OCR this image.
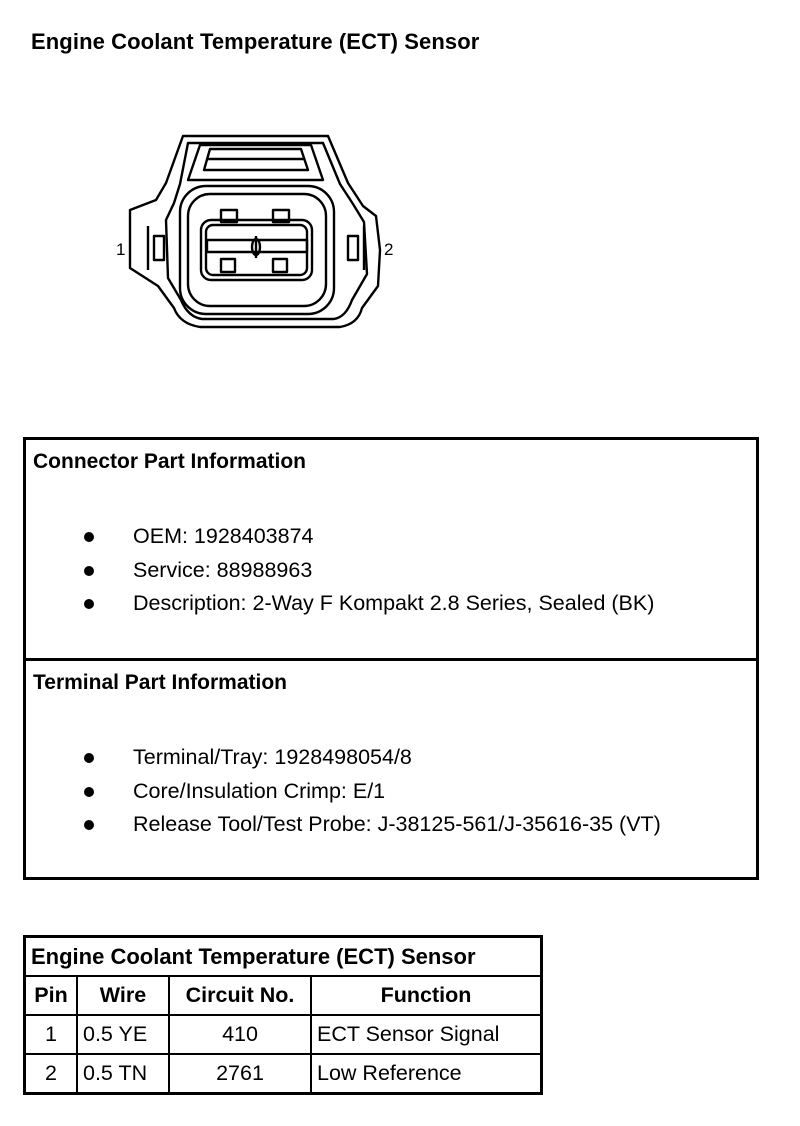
Engine Coolant Temperature (ECT) Sensor
1	2
Connector Part Information
OEM: 1928403874
Service: 88988963
Description: 2-Way F Kompakt 2.8 Series, Sealed (BK)
Terminal Part Information
Terminal/Tray: 1928498054/8
Core/Insulation Crimp: E/1
Release Tool/Test Probe: J-38125-561/J-35616-35 (VT)
Engine Coolant Temperature (ECT) Sensor			
Pin	Wire	Circuit No.	Function
1	0.5 YE	410	ECT Sensor Signal
2	0.5 TN	2761	Low Reference
